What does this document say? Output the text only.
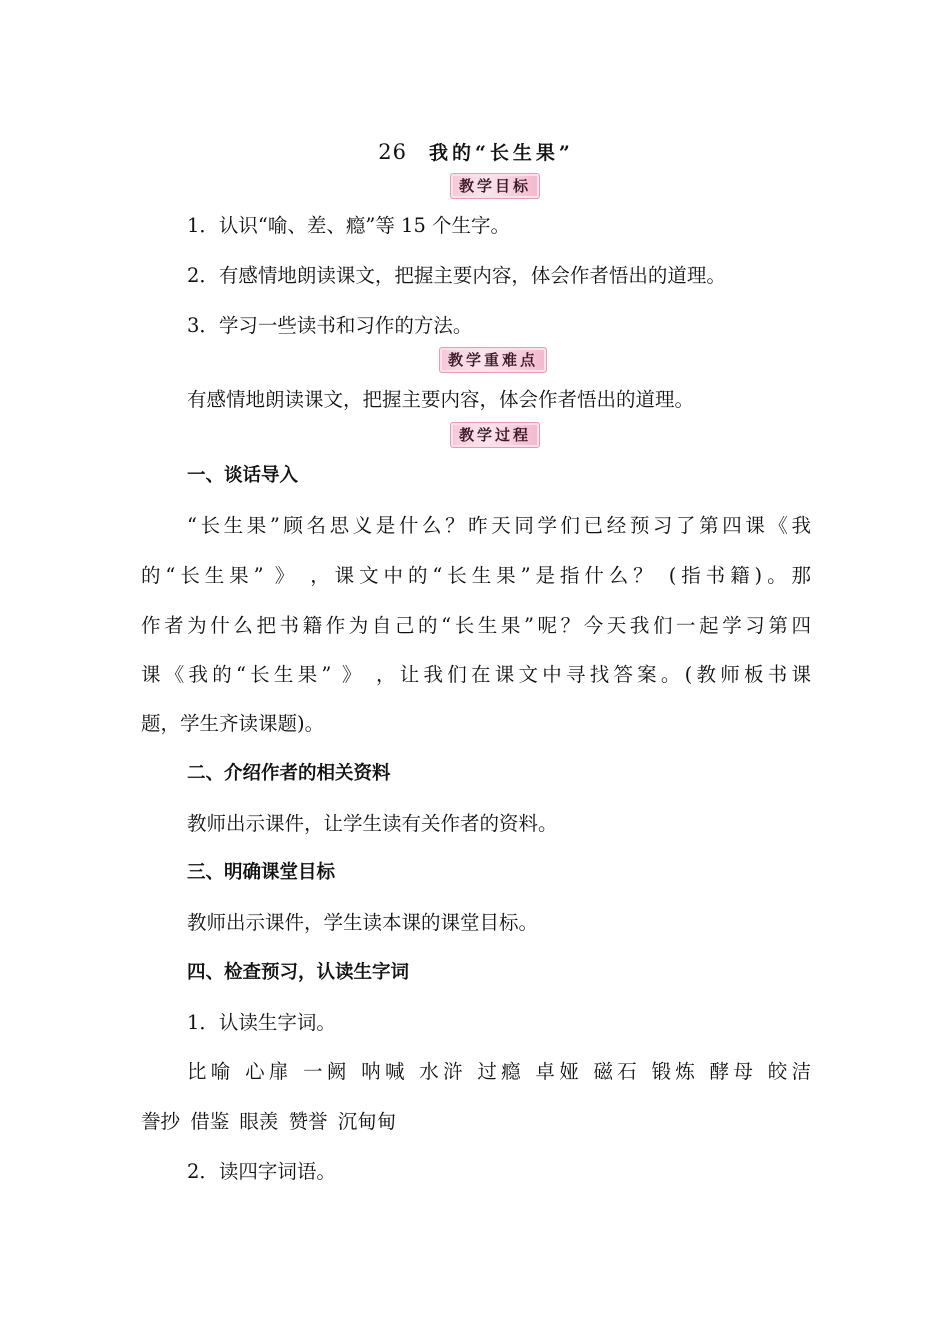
26 我的“长生果”
教学目标
1．认识“喻、差、瘾”等 15 个生字。
2．有感情地朗读课文，把握主要内容，体会作者悟出的道理。
3．学习一些读书和习作的方法。
教学重难点
有感情地朗读课文，把握主要内容，体会作者悟出的道理。
教学过程
一、谈话导入
“长生果”顾名思义是什么？昨天同学们已经预习了第四课《我
的“长生果” 》 ，课文中的“长生果”是指什么？ (指书籍)。那
作者为什么把书籍作为自己的“长生果”呢？今天我们一起学习第四
课《我的“长生果” 》 ，让我们在课文中寻找答案。(教师板书课
题，学生齐读课题)。
二、介绍作者的相关资料
教师出示课件，让学生读有关作者的资料。
三、明确课堂目标
教师出示课件，学生读本课的课堂目标。
四、检查预习，认读生字词
1．认读生字词。
比喻 心扉 一阙 呐喊 水浒 过瘾 卓娅 磁石 锻炼 酵母 皎洁
誊抄 借鉴 眼羡 赞誉 沉甸甸
2．读四字词语。
